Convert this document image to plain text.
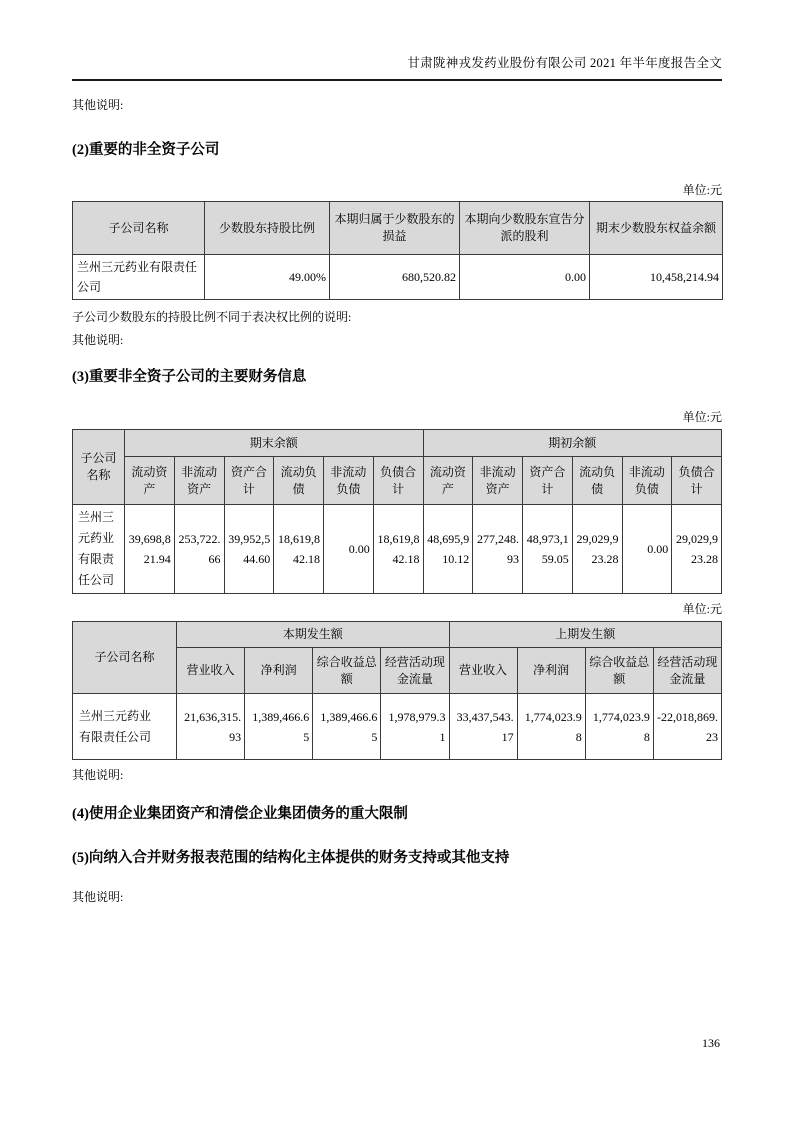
甘肃陇神戎发药业股份有限公司 2021 年半年度报告全文

其他说明:

(2)重要的非全资子公司
单位:元
子公司名称	少数股东持股比例	本期归属于少数股东的损益	本期向少数股东宣告分派的股利	期末少数股东权益余额
兰州三元药业有限责任公司	49.00%	680,520.82	0.00	10,458,214.94

子公司少数股东的持股比例不同于表决权比例的说明:

其他说明:

(3)重要非全资子公司的主要财务信息
单位:元
子公司名称	期末余额						期初余额					
	流动资产	非流动资产	资产合计	流动负债	非流动负债	负债合计	流动资产	非流动资产	资产合计	流动负债	非流动负债	负债合计
兰州三元药业有限责任公司	39,698,821.94	253,722.66	39,952,544.60	18,619,842.18	0.00	18,619,842.18	48,695,910.12	277,248.93	48,973,159.05	29,029,923.28	0.00	29,029,923.28
单位:元
子公司名称	本期发生额				上期发生额			
	营业收入	净利润	综合收益总额	经营活动现金流量	营业收入	净利润	综合收益总额	经营活动现金流量
兰州三元药业有限责任公司	21,636,315.93	1,389,466.65	1,389,466.65	1,978,979.31	33,437,543.17	1,774,023.98	1,774,023.98	-22,018,869.23

其他说明:

(4)使用企业集团资产和清偿企业集团债务的重大限制
(5)向纳入合并财务报表范围的结构化主体提供的财务支持或其他支持

其他说明:

136
